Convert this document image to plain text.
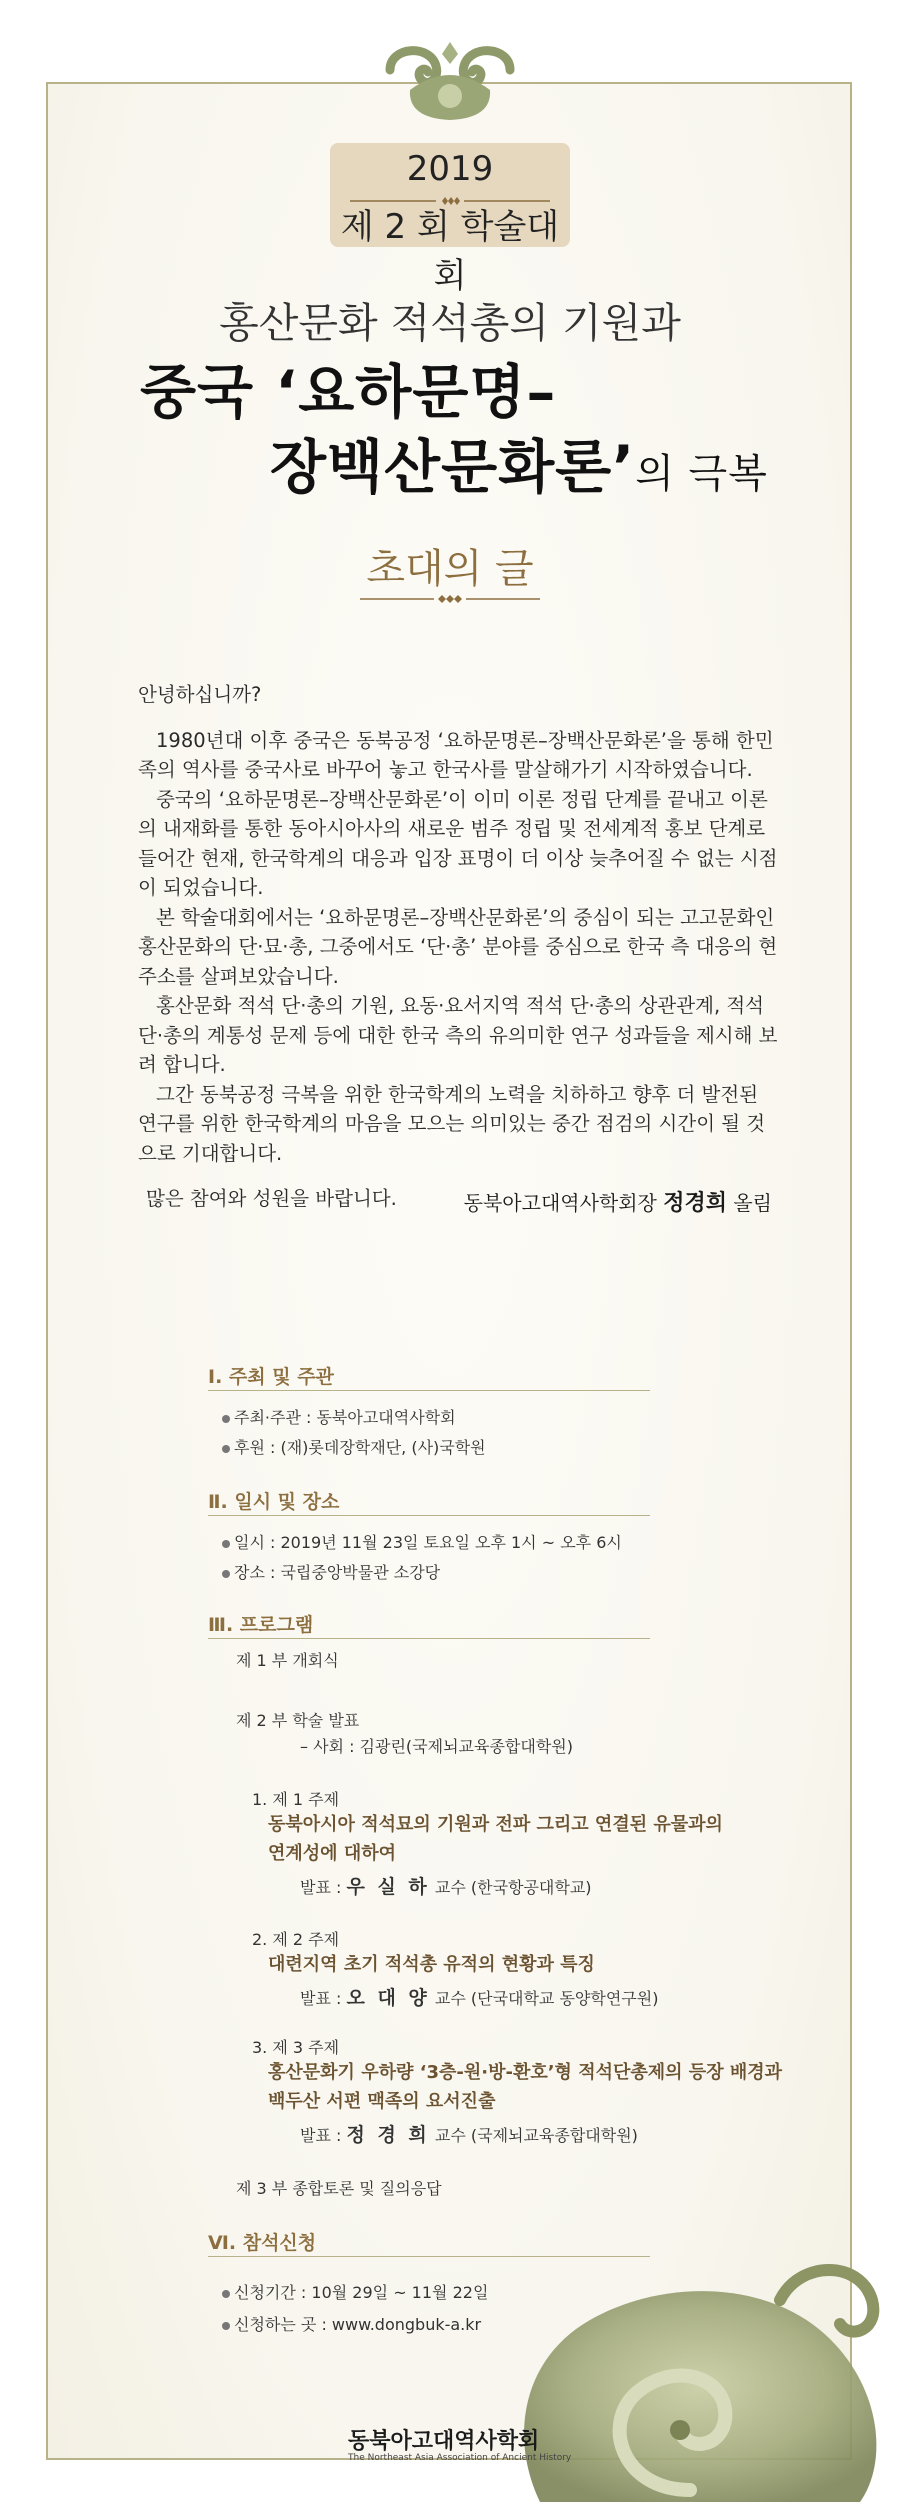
2019
제 2 회 학술대회
홍산문화 적석총의 기원과
중국 ‘요하문명–
장백산문화론’의 극복
초대의 글

안녕하십니까?

1980년대 이후 중국은 동북공정 ‘요하문명론–장백산문화론’을 통해 한민족의 역사를 중국사로 바꾸어 놓고 한국사를 말살해가기 시작하였습니다.

중국의 ‘요하문명론–장백산문화론’이 이미 이론 정립 단계를 끝내고 이론의 내재화를 통한 동아시아사의 새로운 범주 정립 및 전세계적 홍보 단계로 들어간 현재, 한국학계의 대응과 입장 표명이 더 이상 늦추어질 수 없는 시점이 되었습니다.

본 학술대회에서는 ‘요하문명론–장백산문화론’의 중심이 되는 고고문화인 홍산문화의 단·묘·총, 그중에서도 ‘단·총’ 분야를 중심으로 한국 측 대응의 현주소를 살펴보았습니다.

홍산문화 적석 단·총의 기원, 요동·요서지역 적석 단·총의 상관관계, 적석 단·총의 계통성 문제 등에 대한 한국 측의 유의미한 연구 성과들을 제시해 보려 합니다.

그간 동북공정 극복을 위한 한국학계의 노력을 치하하고 향후 더 발전된 연구를 위한 한국학계의 마음을 모으는 의미있는 중간 점검의 시간이 될 것으로 기대합니다.

많은 참여와 성원을 바랍니다.	동북아고대역사학회장 정경희 올림
Ⅰ. 주최 및 주관
주최·주관 : 동북아고대역사학회
후원 : (재)롯데장학재단, (사)국학원
Ⅱ. 일시 및 장소
일시 : 2019년 11월 23일 토요일 오후 1시 ~ 오후 6시
장소 : 국립중앙박물관 소강당
Ⅲ. 프로그램
제 1 부 개회식
제 2 부 학술 발표
– 사회 : 김광린(국제뇌교육종합대학원)
1. 제 1 주제
동북아시아 적석묘의 기원과 전파 그리고 연결된 유물과의
연계성에 대하여
발표 : 우 실 하 교수 (한국항공대학교)
2. 제 2 주제
대련지역 초기 적석총 유적의 현황과 특징
발표 : 오 대 양 교수 (단국대학교 동양학연구원)
3. 제 3 주제
홍산문화기 우하량 ‘3층-원·방-환호’형 적석단총제의 등장 배경과
백두산 서편 맥족의 요서진출
발표 : 정 경 희 교수 (국제뇌교육종합대학원)
제 3 부 종합토론 및 질의응답
Ⅵ. 참석신청
신청기간 : 10월 29일 ~ 11월 22일
신청하는 곳 : www.dongbuk-a.kr
동북아고대역사학회
The Northeast Asia Association of Ancient History
